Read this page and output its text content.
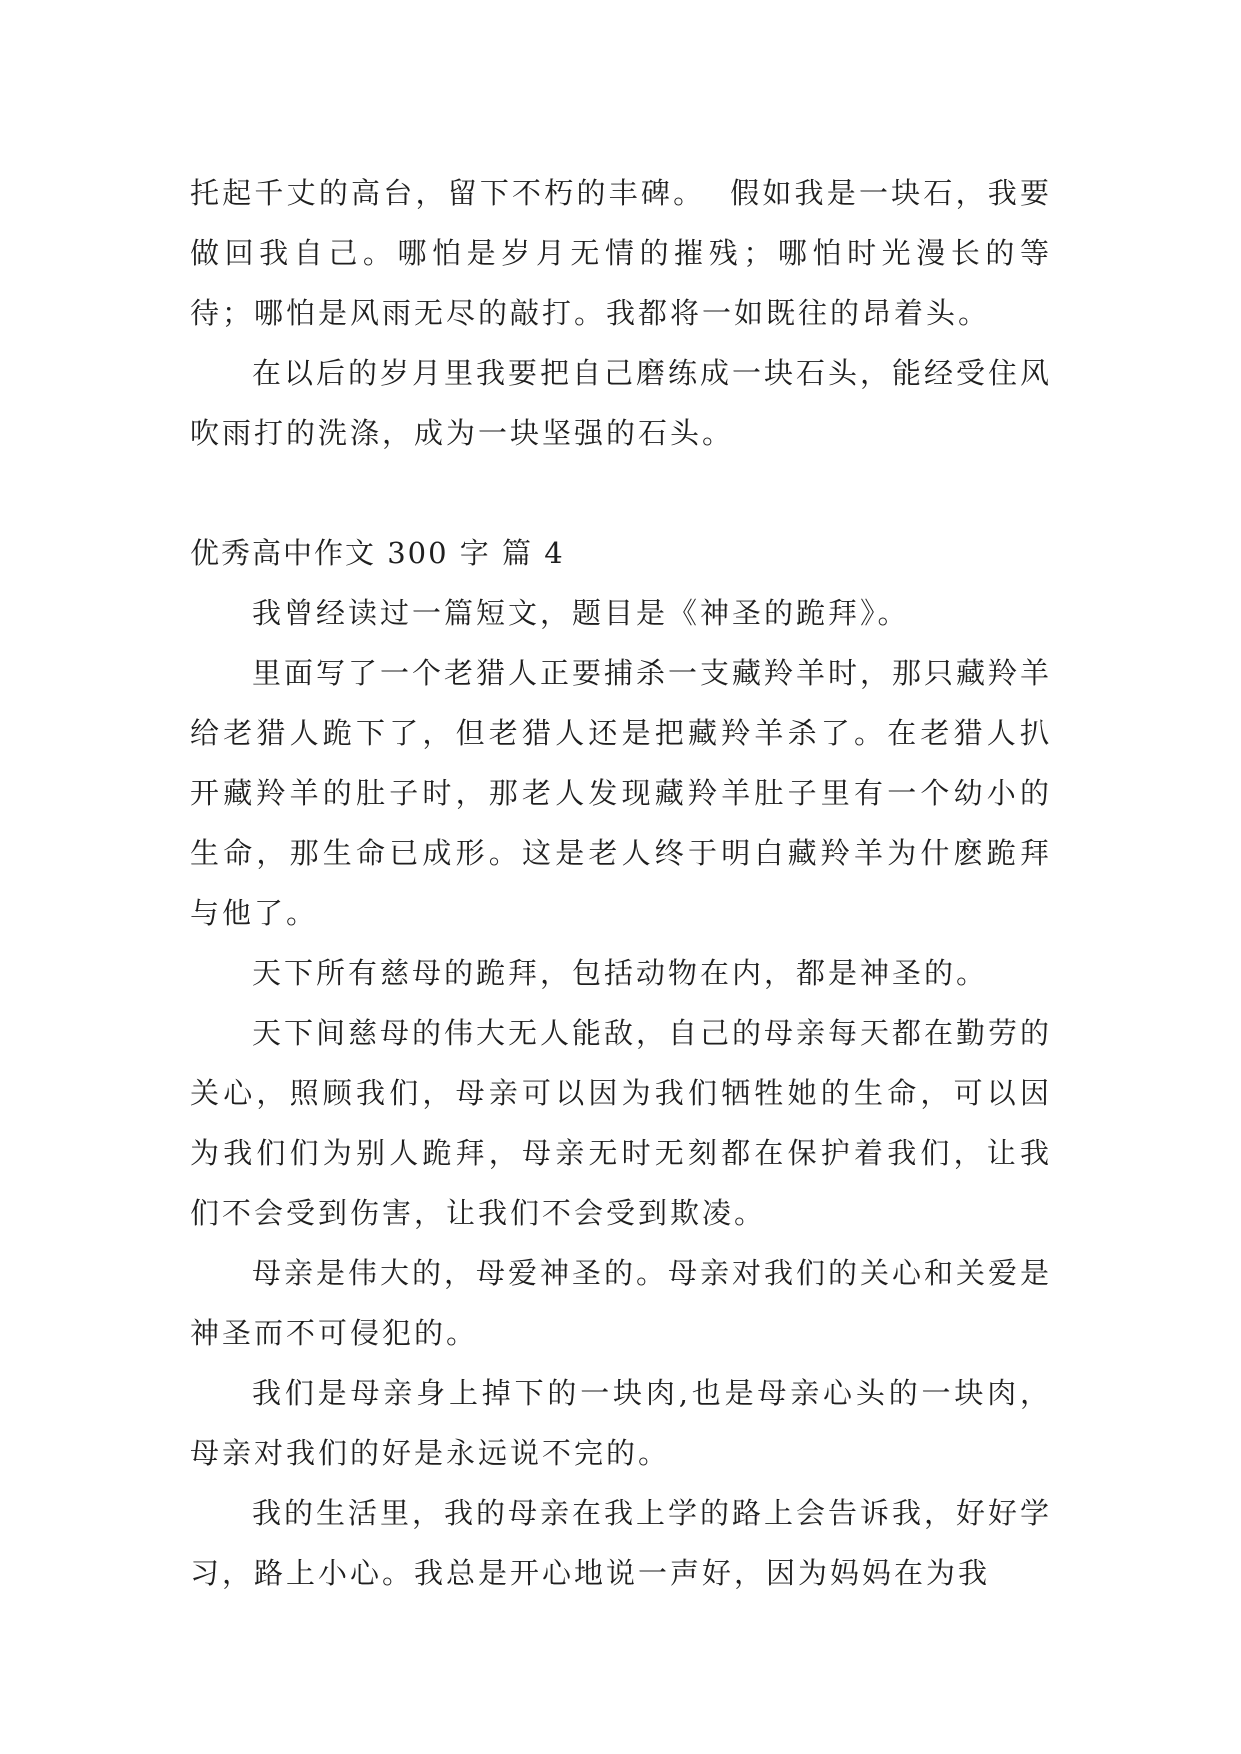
托起千丈的高台，留下不朽的丰碑。  假如我是一块石，我要做回我自己。哪怕是岁月无情的摧残；哪怕时光漫长的等待；哪怕是风雨无尽的敲打。我都将一如既往的昂着头。

在以后的岁月里我要把自己磨练成一块石头，能经受住风吹雨打的洗涤，成为一块坚强的石头。

优秀高中作文 300 字 篇 4

我曾经读过一篇短文，题目是《神圣的跪拜》。

里面写了一个老猎人正要捕杀一支藏羚羊时，那只藏羚羊给老猎人跪下了，但老猎人还是把藏羚羊杀了。在老猎人扒开藏羚羊的肚子时，那老人发现藏羚羊肚子里有一个幼小的生命，那生命已成形。这是老人终于明白藏羚羊为什麽跪拜与他了。

天下所有慈母的跪拜，包括动物在内，都是神圣的。

天下间慈母的伟大无人能敌，自己的母亲每天都在勤劳的关心，照顾我们，母亲可以因为我们牺牲她的生命，可以因为我们们为别人跪拜，母亲无时无刻都在保护着我们，让我们不会受到伤害，让我们不会受到欺凌。

母亲是伟大的，母爱神圣的。母亲对我们的关心和关爱是神圣而不可侵犯的。

我们是母亲身上掉下的一块肉,也是母亲心头的一块肉，母亲对我们的好是永远说不完的。

我的生活里，我的母亲在我上学的路上会告诉我，好好学习，路上小心。我总是开心地说一声好，因为妈妈在为我
